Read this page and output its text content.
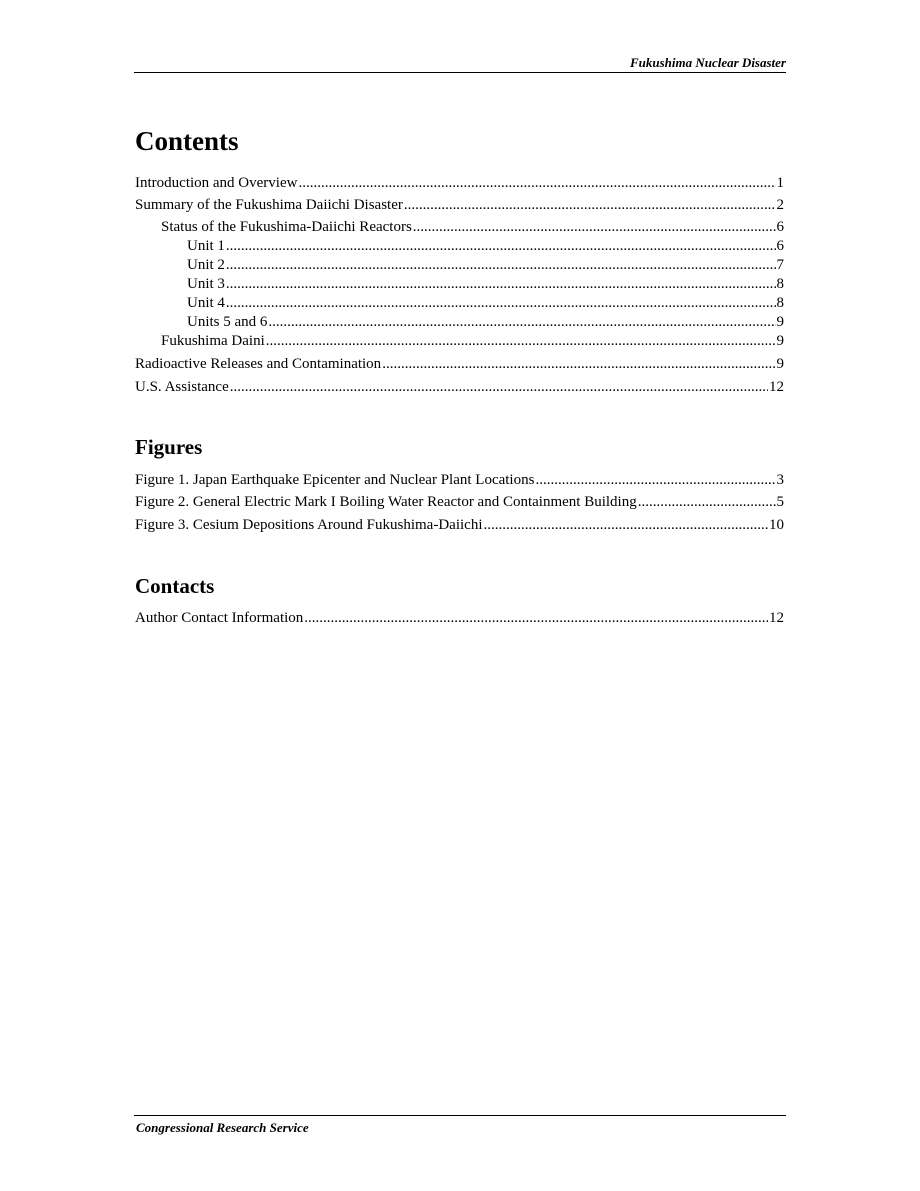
Fukushima Nuclear Disaster
Contents
Introduction and Overview .....	1
Summary of the Fukushima Daiichi Disaster .....	2
Status of the Fukushima-Daiichi Reactors .....	6
Unit 1 .....	6
Unit 2 .....	7
Unit 3 .....	8
Unit 4 .....	8
Units 5 and 6 .....	9
Fukushima Daini .....	9
Radioactive Releases and Contamination .....	9
U.S. Assistance .....	12
Figures
Figure 1. Japan Earthquake Epicenter and Nuclear Plant Locations .....	3
Figure 2. General Electric Mark I Boiling Water Reactor and Containment Building .....	5
Figure 3. Cesium Depositions Around Fukushima-Daiichi .....	10
Contacts
Author Contact Information .....	12
Congressional Research Service
